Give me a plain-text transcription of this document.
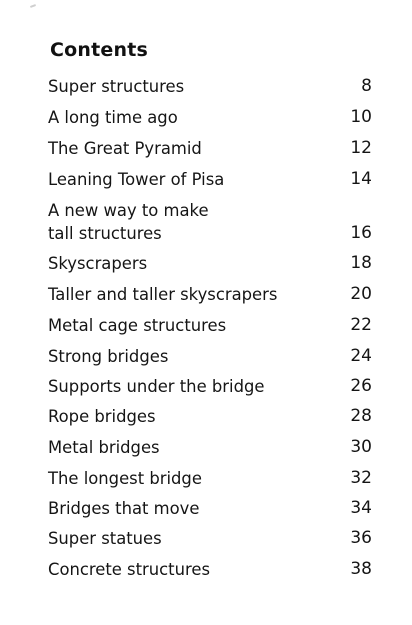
Contents
Super structures	8
A long time ago	10
The Great Pyramid	12
Leaning Tower of Pisa	14
A new way to make
tall structures	16
Skyscrapers	18
Taller and taller skyscrapers	20
Metal cage structures	22
Strong bridges	24
Supports under the bridge	26
Rope bridges	28
Metal bridges	30
The longest bridge	32
Bridges that move	34
Super statues	36
Concrete structures	38
